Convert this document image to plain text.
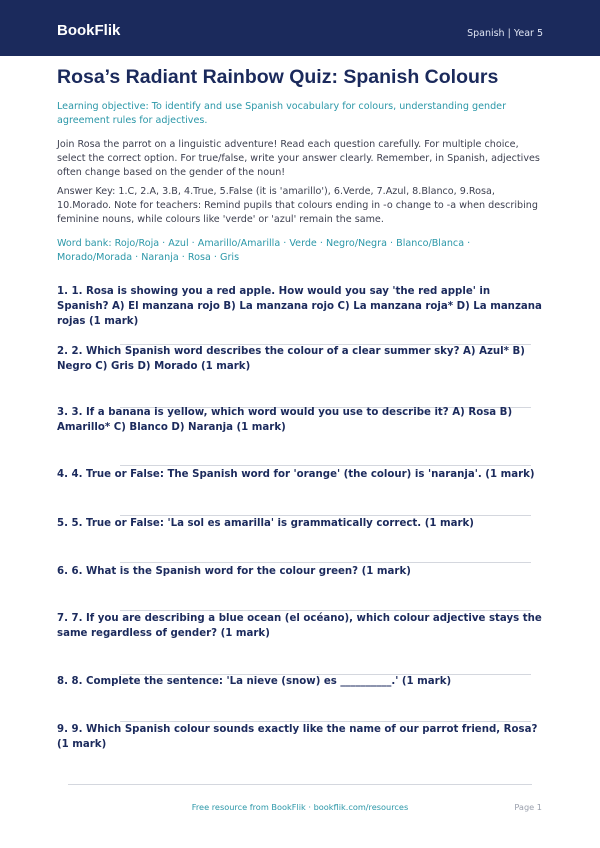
BookFlik	Spanish | Year 5
Rosa’s Radiant Rainbow Quiz: Spanish Colours
Learning objective: To identify and use Spanish vocabulary for colours, understanding gender agreement rules for adjectives.
Join Rosa the parrot on a linguistic adventure! Read each question carefully. For multiple choice, select the correct option. For true/false, write your answer clearly. Remember, in Spanish, adjectives often change based on the gender of the noun!
Answer Key: 1.C, 2.A, 3.B, 4.True, 5.False (it is 'amarillo'), 6.Verde, 7.Azul, 8.Blanco, 9.Rosa, 10.Morado. Note for teachers: Remind pupils that colours ending in -o change to -a when describing feminine nouns, while colours like 'verde' or 'azul' remain the same.
Word bank: Rojo/Roja · Azul · Amarillo/Amarilla · Verde · Negro/Negra · Blanco/Blanca · Morado/Morada · Naranja · Rosa · Gris

1. 1. Rosa is showing you a red apple. How would you say 'the red apple' in Spanish? A) El manzana rojo B) La manzana rojo C) La manzana roja* D) La manzana rojas (1 mark)

2. 2. Which Spanish word describes the colour of a clear summer sky? A) Azul* B) Negro C) Gris D) Morado (1 mark)

3. 3. If a banana is yellow, which word would you use to describe it? A) Rosa B) Amarillo* C) Blanco D) Naranja (1 mark)

4. 4. True or False: The Spanish word for 'orange' (the colour) is 'naranja'. (1 mark)

5. 5. True or False: 'La sol es amarilla' is grammatically correct. (1 mark)

6. 6. What is the Spanish word for the colour green? (1 mark)

7. 7. If you are describing a blue ocean (el océano), which colour adjective stays the same regardless of gender? (1 mark)

8. 8. Complete the sentence: 'La nieve (snow) es __________.' (1 mark)

9. 9. Which Spanish colour sounds exactly like the name of our parrot friend, Rosa? (1 mark)

Free resource from BookFlik · bookflik.com/resources	Page 1
